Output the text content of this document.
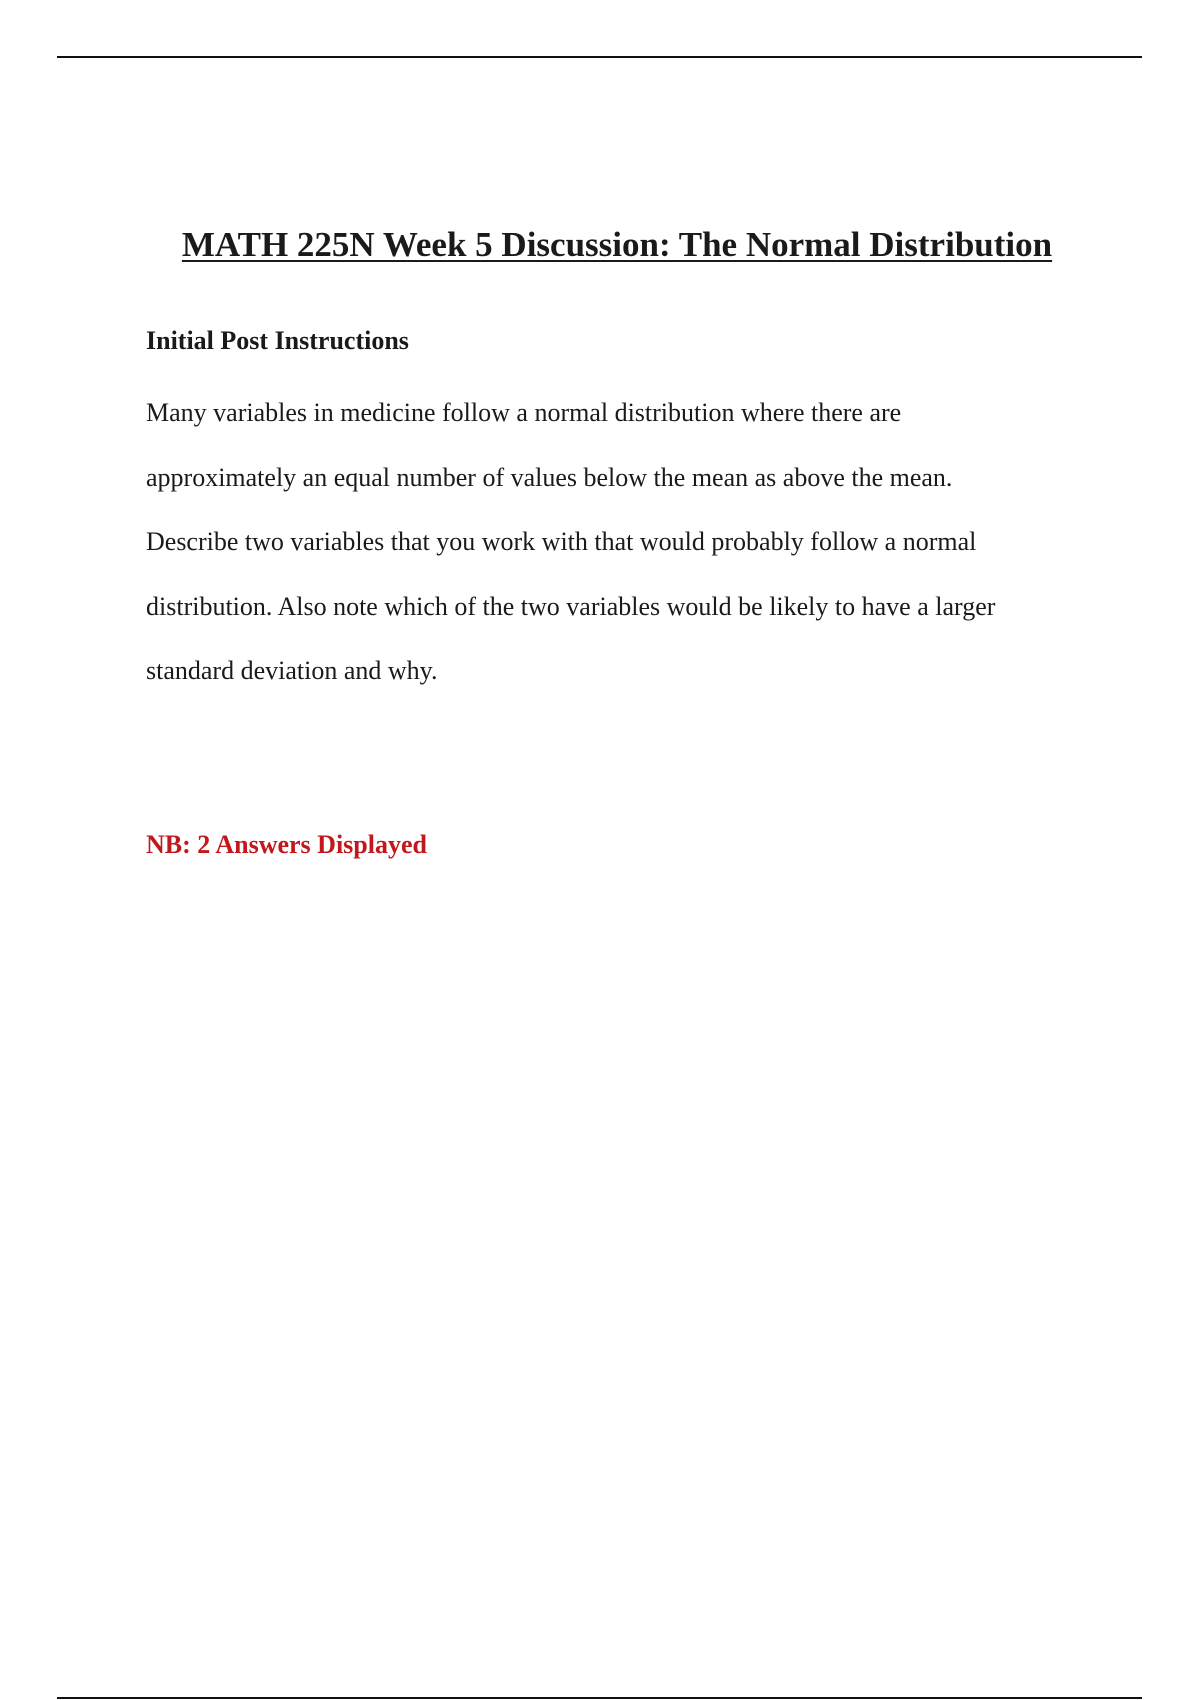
MATH 225N Week 5 Discussion: The Normal Distribution
Initial Post Instructions

Many variables in medicine follow a normal distribution where there are
approximately an equal number of values below the mean as above the mean.
Describe two variables that you work with that would probably follow a normal
distribution. Also note which of the two variables would be likely to have a larger
standard deviation and why.

NB: 2 Answers Displayed
